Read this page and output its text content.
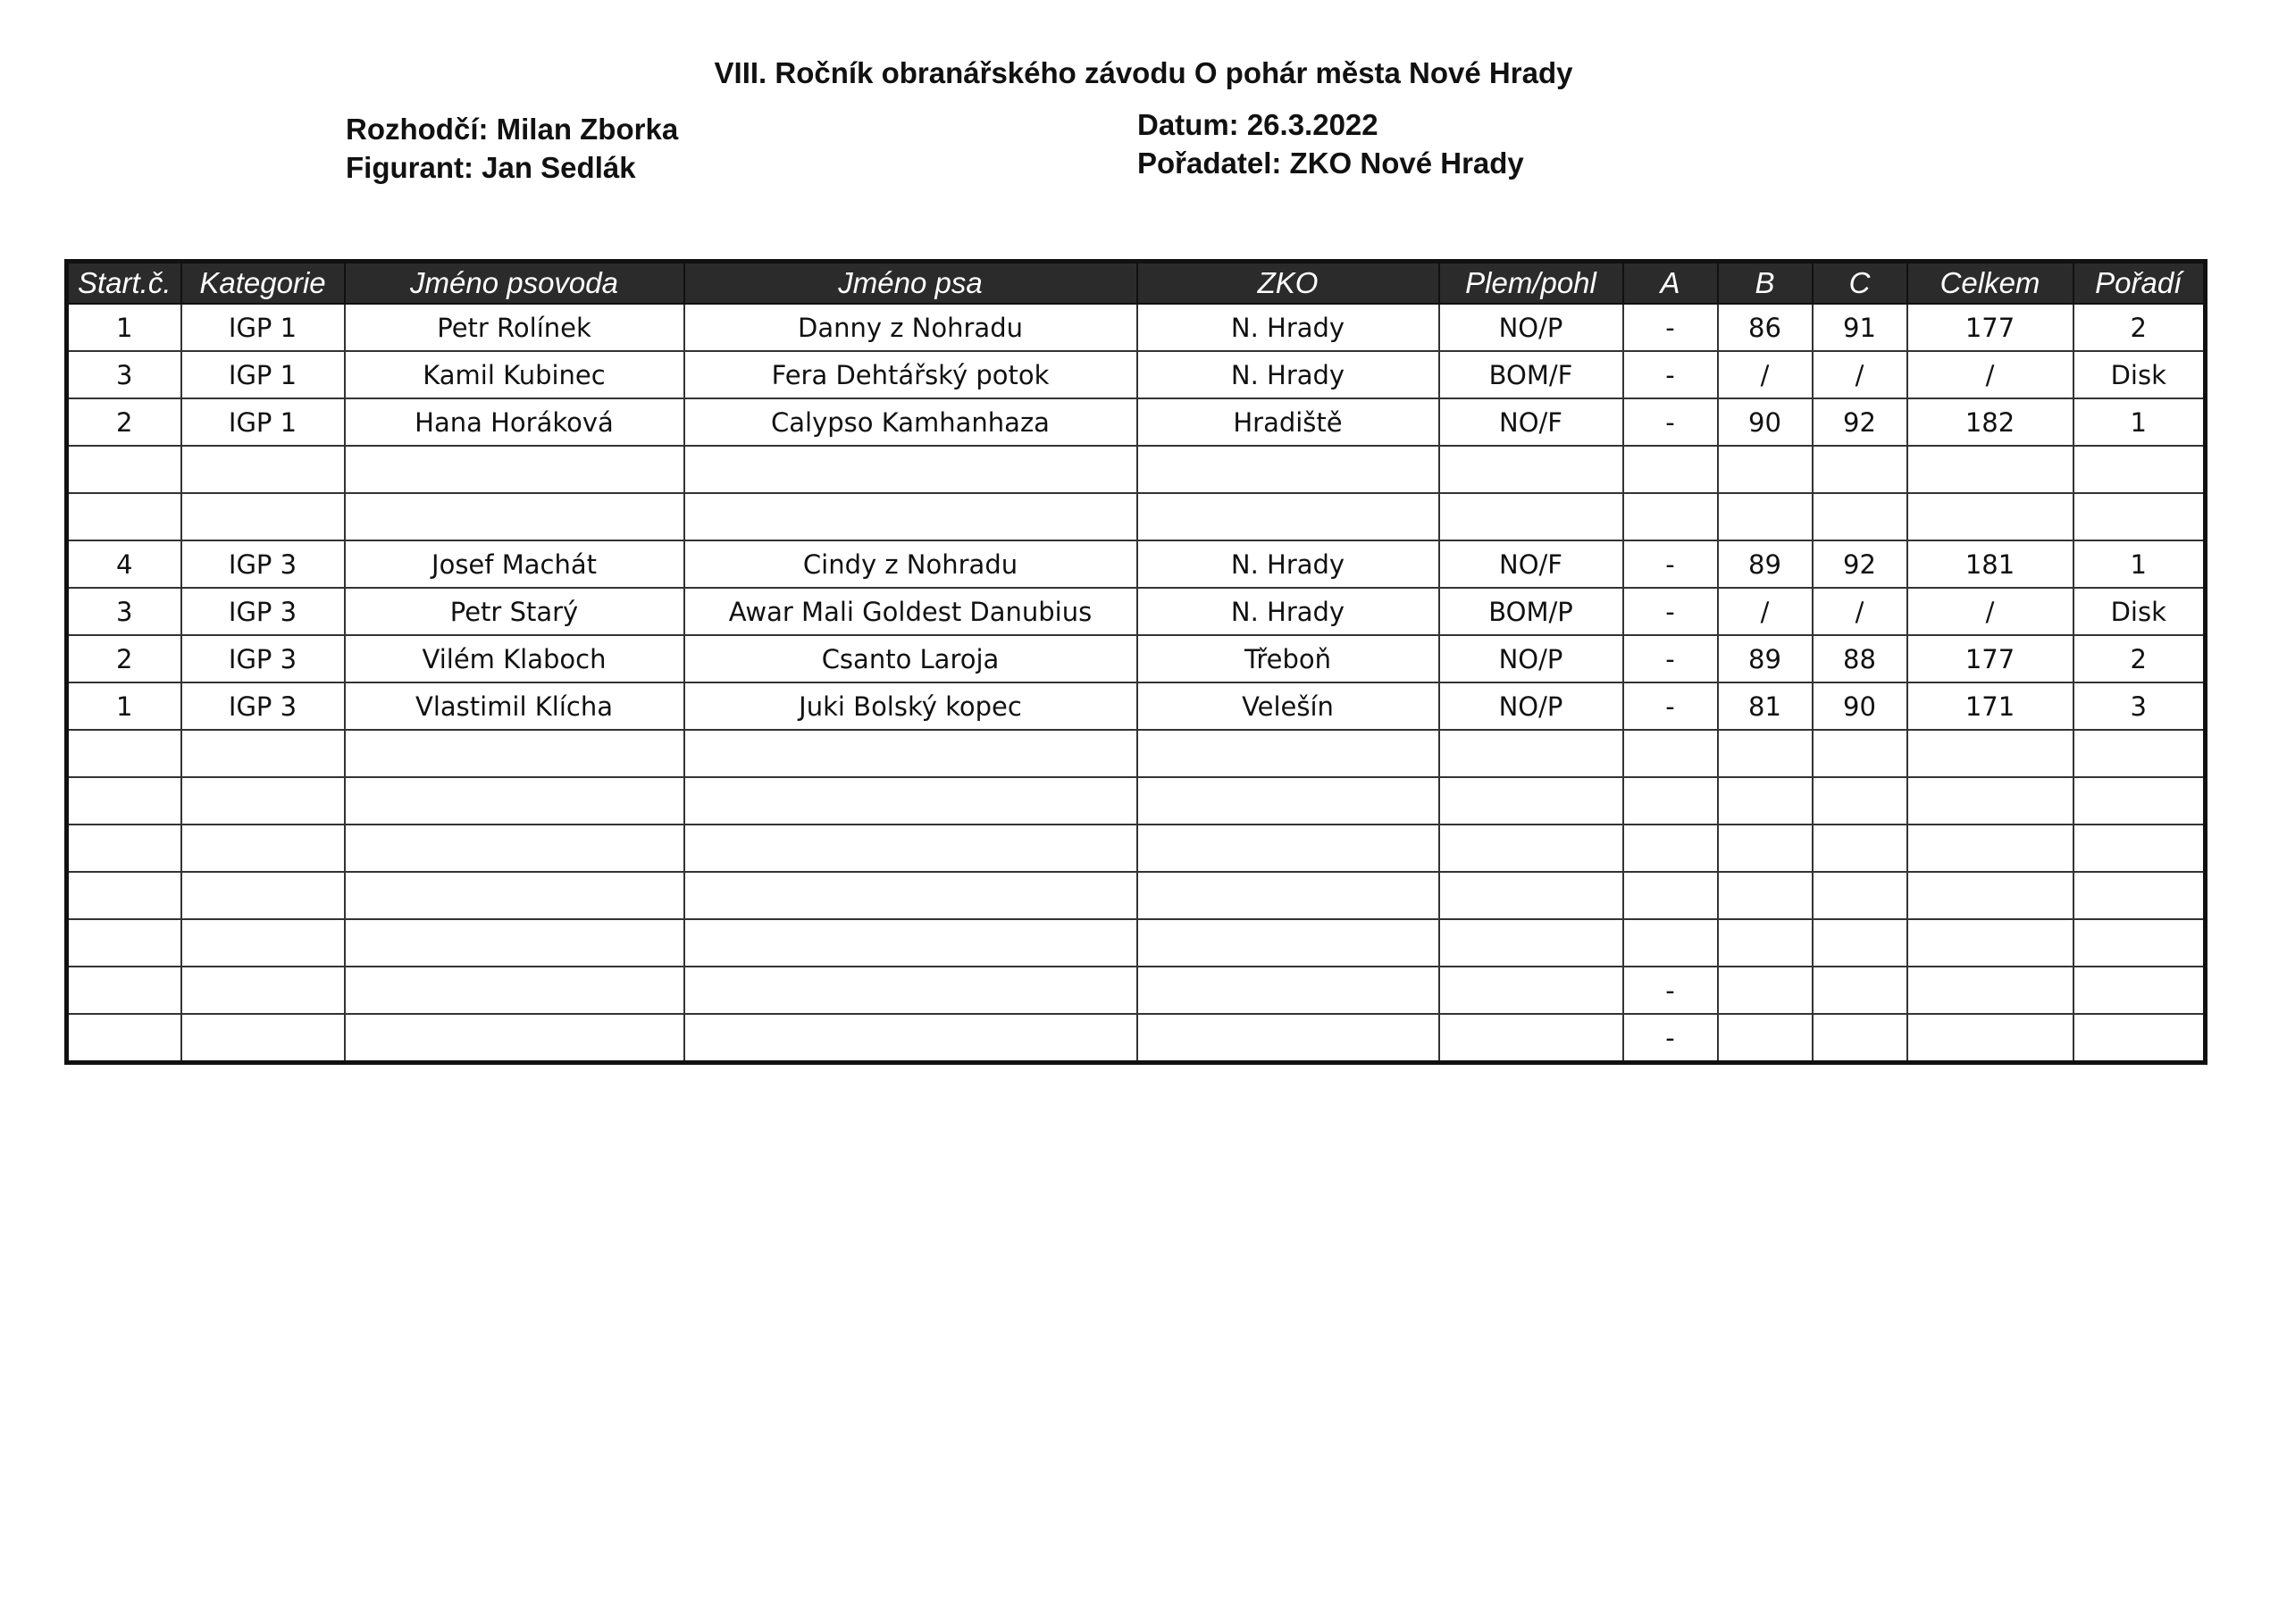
VIII. Ročník obranářského závodu O pohár města Nové Hrady
Rozhodčí: Milan Zborka
Figurant: Jan Sedlák
Datum: 26.3.2022
Pořadatel: ZKO Nové Hrady
Start.č.	Kategorie	Jméno psovoda	Jméno psa	ZKO	Plem/pohl	A	B	C	Celkem	Pořadí
1	IGP 1	Petr Rolínek	Danny z Nohradu	N. Hrady	NO/P	-	86	91	177	2
3	IGP 1	Kamil Kubinec	Fera Dehtářský potok	N. Hrady	BOM/F	-	/	/	/	Disk
2	IGP 1	Hana Horáková	Calypso Kamhanhaza	Hradiště	NO/F	-	90	92	182	1

4	IGP 3	Josef Machát	Cindy z Nohradu	N. Hrady	NO/F	-	89	92	181	1
3	IGP 3	Petr Starý	Awar Mali Goldest Danubius	N. Hrady	BOM/P	-	/	/	/	Disk
2	IGP 3	Vilém Klaboch	Csanto Laroja	Třeboň	NO/P	-	89	88	177	2
1	IGP 3	Vlastimil Klícha	Juki Bolský kopec	Velešín	NO/P	-	81	90	171	3

						-				
						-				
